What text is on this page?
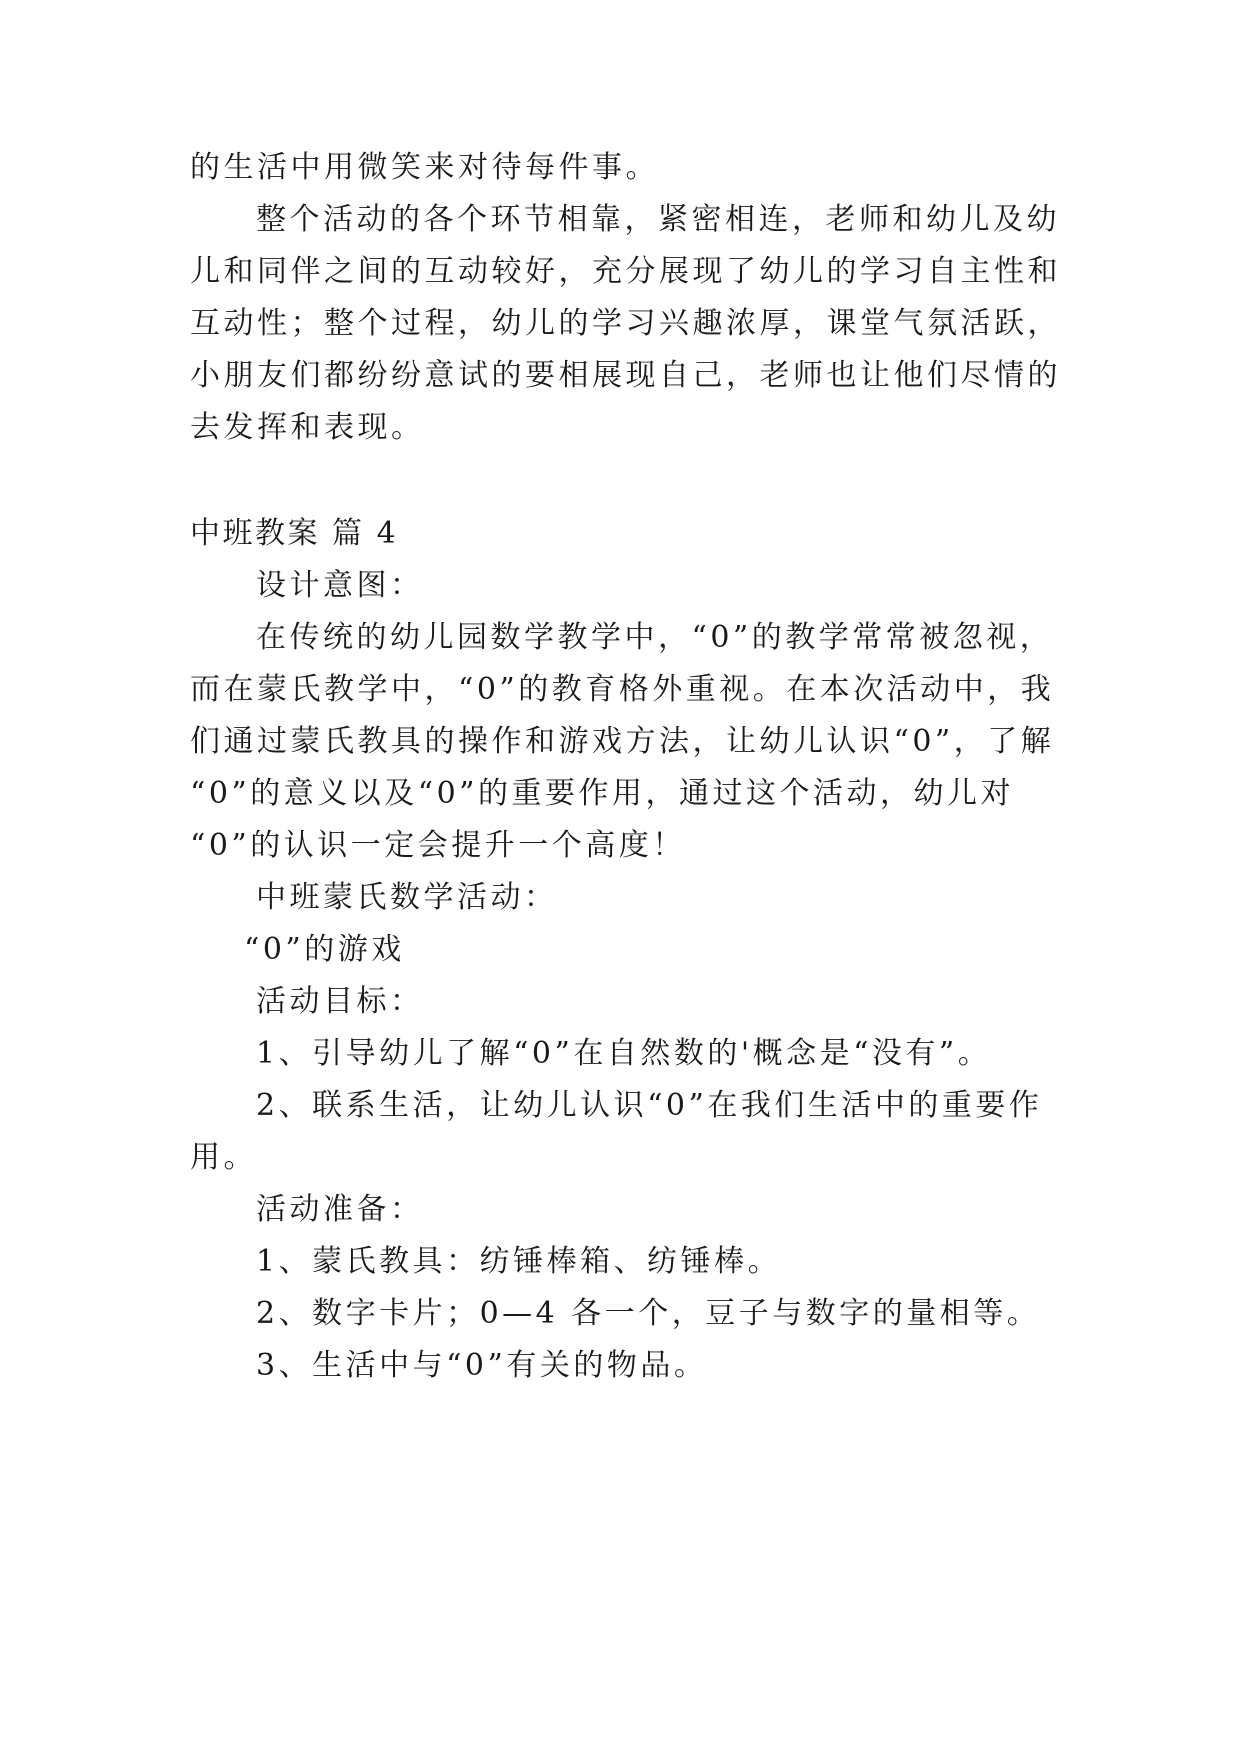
的生活中用微笑来对待每件事。
整个活动的各个环节相靠，紧密相连，老师和幼儿及幼
儿和同伴之间的互动较好，充分展现了幼儿的学习自主性和
互动性；整个过程，幼儿的学习兴趣浓厚，课堂气氛活跃，
小朋友们都纷纷意试的要相展现自己，老师也让他们尽情的
去发挥和表现。
中班教案 篇 4
设计意图：
在传统的幼儿园数学教学中，“0”的教学常常被忽视，
而在蒙氏教学中，“0”的教育格外重视。在本次活动中，我
们通过蒙氏教具的操作和游戏方法，让幼儿认识“0”，了解
“0”的意义以及“0”的重要作用，通过这个活动，幼儿对
“0”的认识一定会提升一个高度！
中班蒙氏数学活动：
“0”的游戏
活动目标：
1、引导幼儿了解“0”在自然数的'概念是“没有”。
2、联系生活，让幼儿认识“0”在我们生活中的重要作
用。
活动准备：
1、蒙氏教具：纺锤棒箱、纺锤棒。
2、数字卡片；0—4 各一个，豆子与数字的量相等。
3、生活中与“0”有关的物品。
